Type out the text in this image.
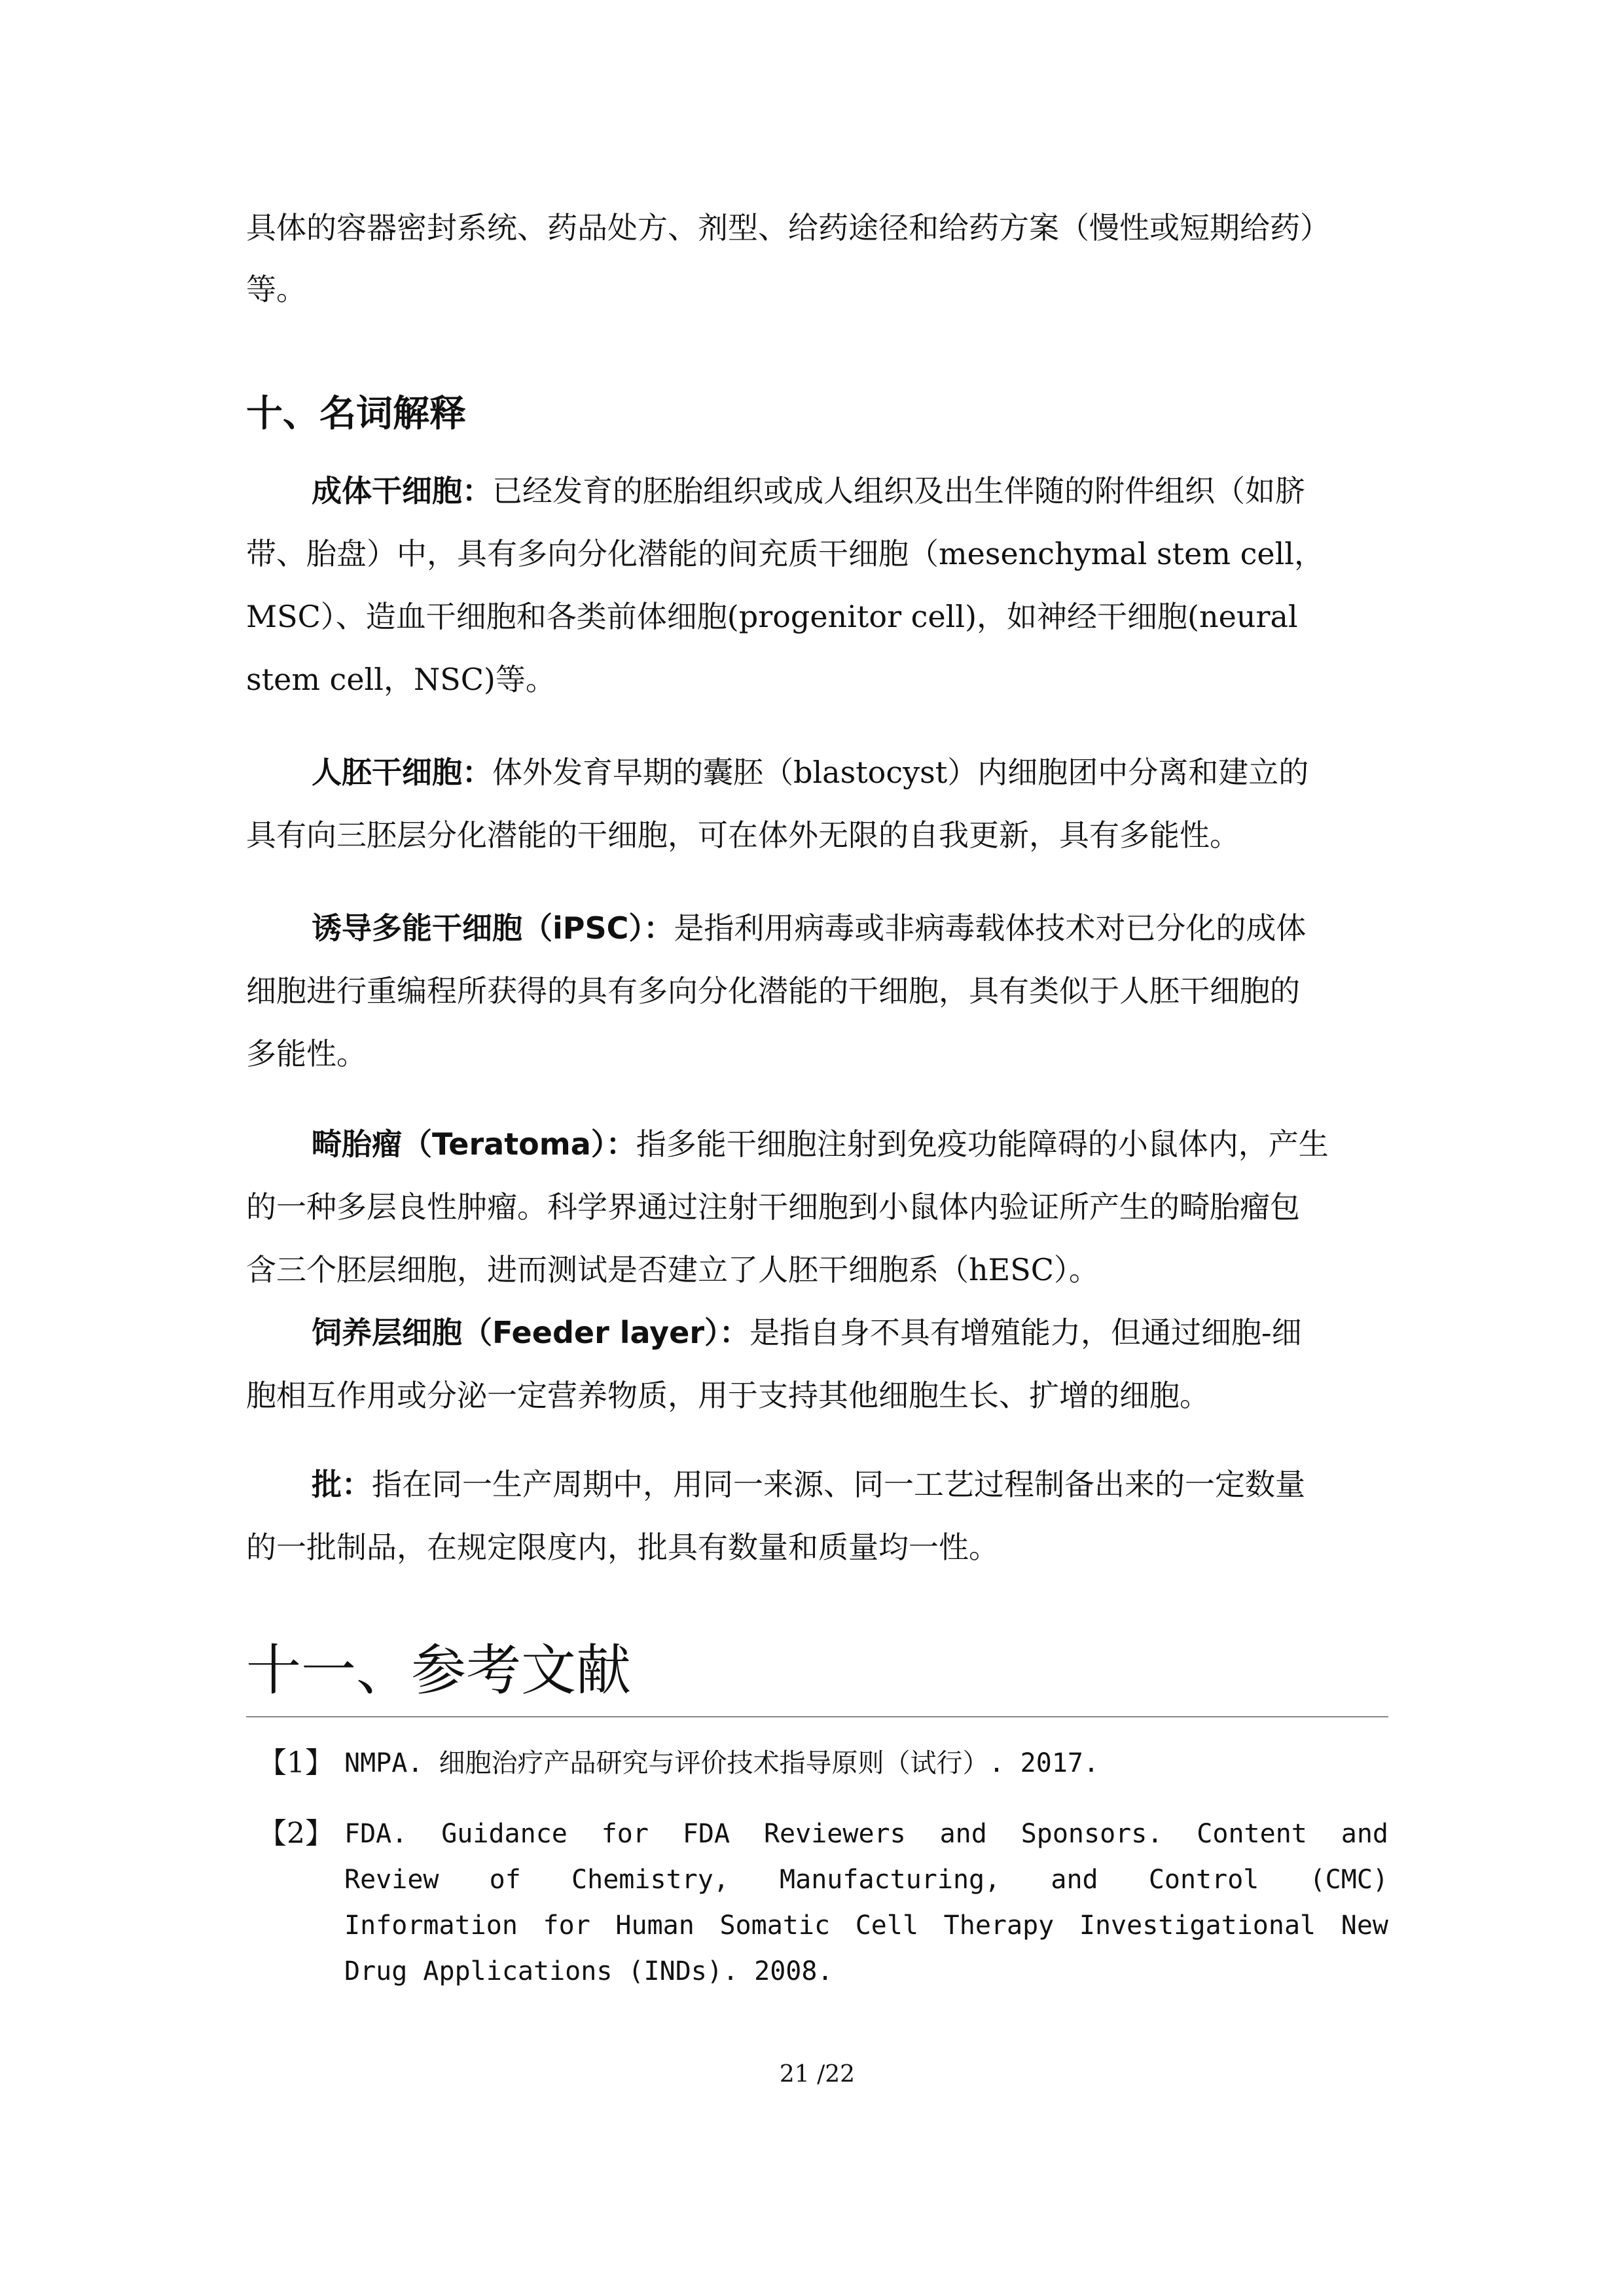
具体的容器密封系统、药品处方、剂型、给药途径和给药方案（慢性或短期给药）
等。
十、名词解释
成体干细胞：已经发育的胚胎组织或成人组织及出生伴随的附件组织（如脐
带、胎盘）中，具有多向分化潜能的间充质干细胞（mesenchymal stem cell，
MSC）、造血干细胞和各类前体细胞(progenitor cell)，如神经干细胞(neural
stem cell，NSC)等。
人胚干细胞：体外发育早期的囊胚（blastocyst）内细胞团中分离和建立的
具有向三胚层分化潜能的干细胞，可在体外无限的自我更新，具有多能性。
诱导多能干细胞（iPSC）：是指利用病毒或非病毒载体技术对已分化的成体
细胞进行重编程所获得的具有多向分化潜能的干细胞，具有类似于人胚干细胞的
多能性。
畸胎瘤（Teratoma）：指多能干细胞注射到免疫功能障碍的小鼠体内，产生
的一种多层良性肿瘤。科学界通过注射干细胞到小鼠体内验证所产生的畸胎瘤包
含三个胚层细胞，进而测试是否建立了人胚干细胞系（hESC）。
饲养层细胞（Feeder layer）：是指自身不具有增殖能力，但通过细胞-细
胞相互作用或分泌一定营养物质，用于支持其他细胞生长、扩增的细胞。
批：指在同一生产周期中，用同一来源、同一工艺过程制备出来的一定数量
的一批制品，在规定限度内，批具有数量和质量均一性。
十一、参考文献
【1】 NMPA. 细胞治疗产品研究与评价技术指导原则（试行）. 2017.
【2】 FDA. Guidance for FDA Reviewers and Sponsors. Content and
Review of Chemistry, Manufacturing, and Control (CMC)
Information for Human Somatic Cell Therapy Investigational New
Drug Applications (INDs). 2008.
21 /22
